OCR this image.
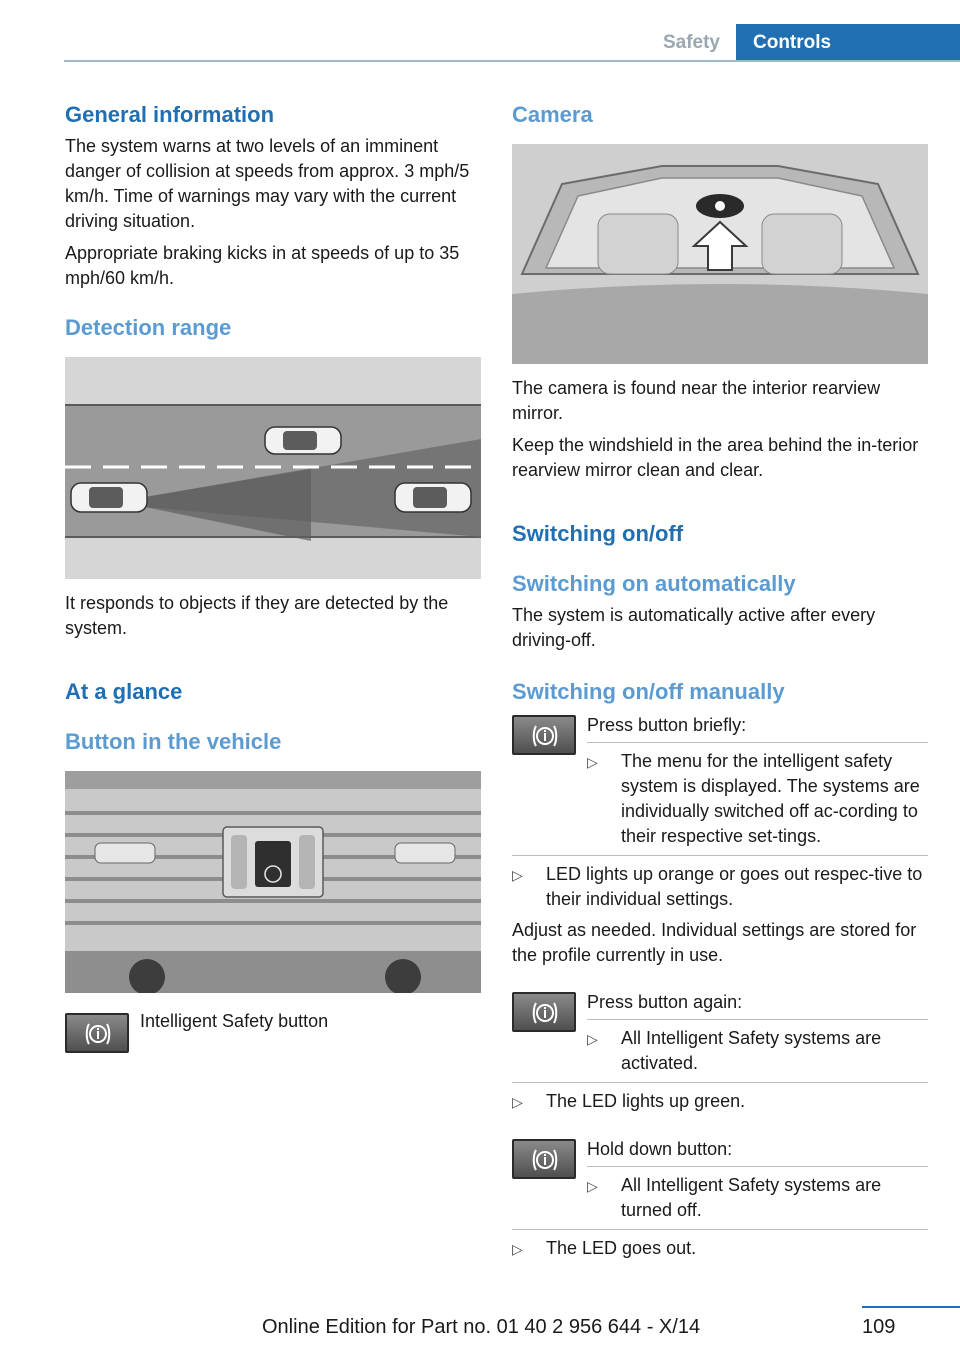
Safety	Controls
General information

The system warns at two levels of an imminent danger of collision at speeds from approx. 3 mph/5 km/h. Time of warnings may vary with the current driving situation.

Appropriate braking kicks in at speeds of up to 35 mph/60 km/h.

Detection range

It responds to objects if they are detected by the system.

At a glance
Button in the vehicle

Intelligent Safety button

Camera

The camera is found near the interior rearview mirror.

Keep the windshield in the area behind the in-terior rearview mirror clean and clear.

Switching on/off
Switching on automatically

The system is automatically active after every driving-off.

Switching on/off manually

Press button briefly:

▷	The menu for the intelligent safety system is displayed. The systems are individually switched off ac-cording to their respective set-tings.
▷	LED lights up orange or goes out respec-tive to their individual settings.

Adjust as needed. Individual settings are stored for the profile currently in use.

Press button again:

▷	All Intelligent Safety systems are activated.
▷	The LED lights up green.

Hold down button:

▷	All Intelligent Safety systems are turned off.
▷	The LED goes out.
Online Edition for Part no. 01 40 2 956 644 - X/14	109
